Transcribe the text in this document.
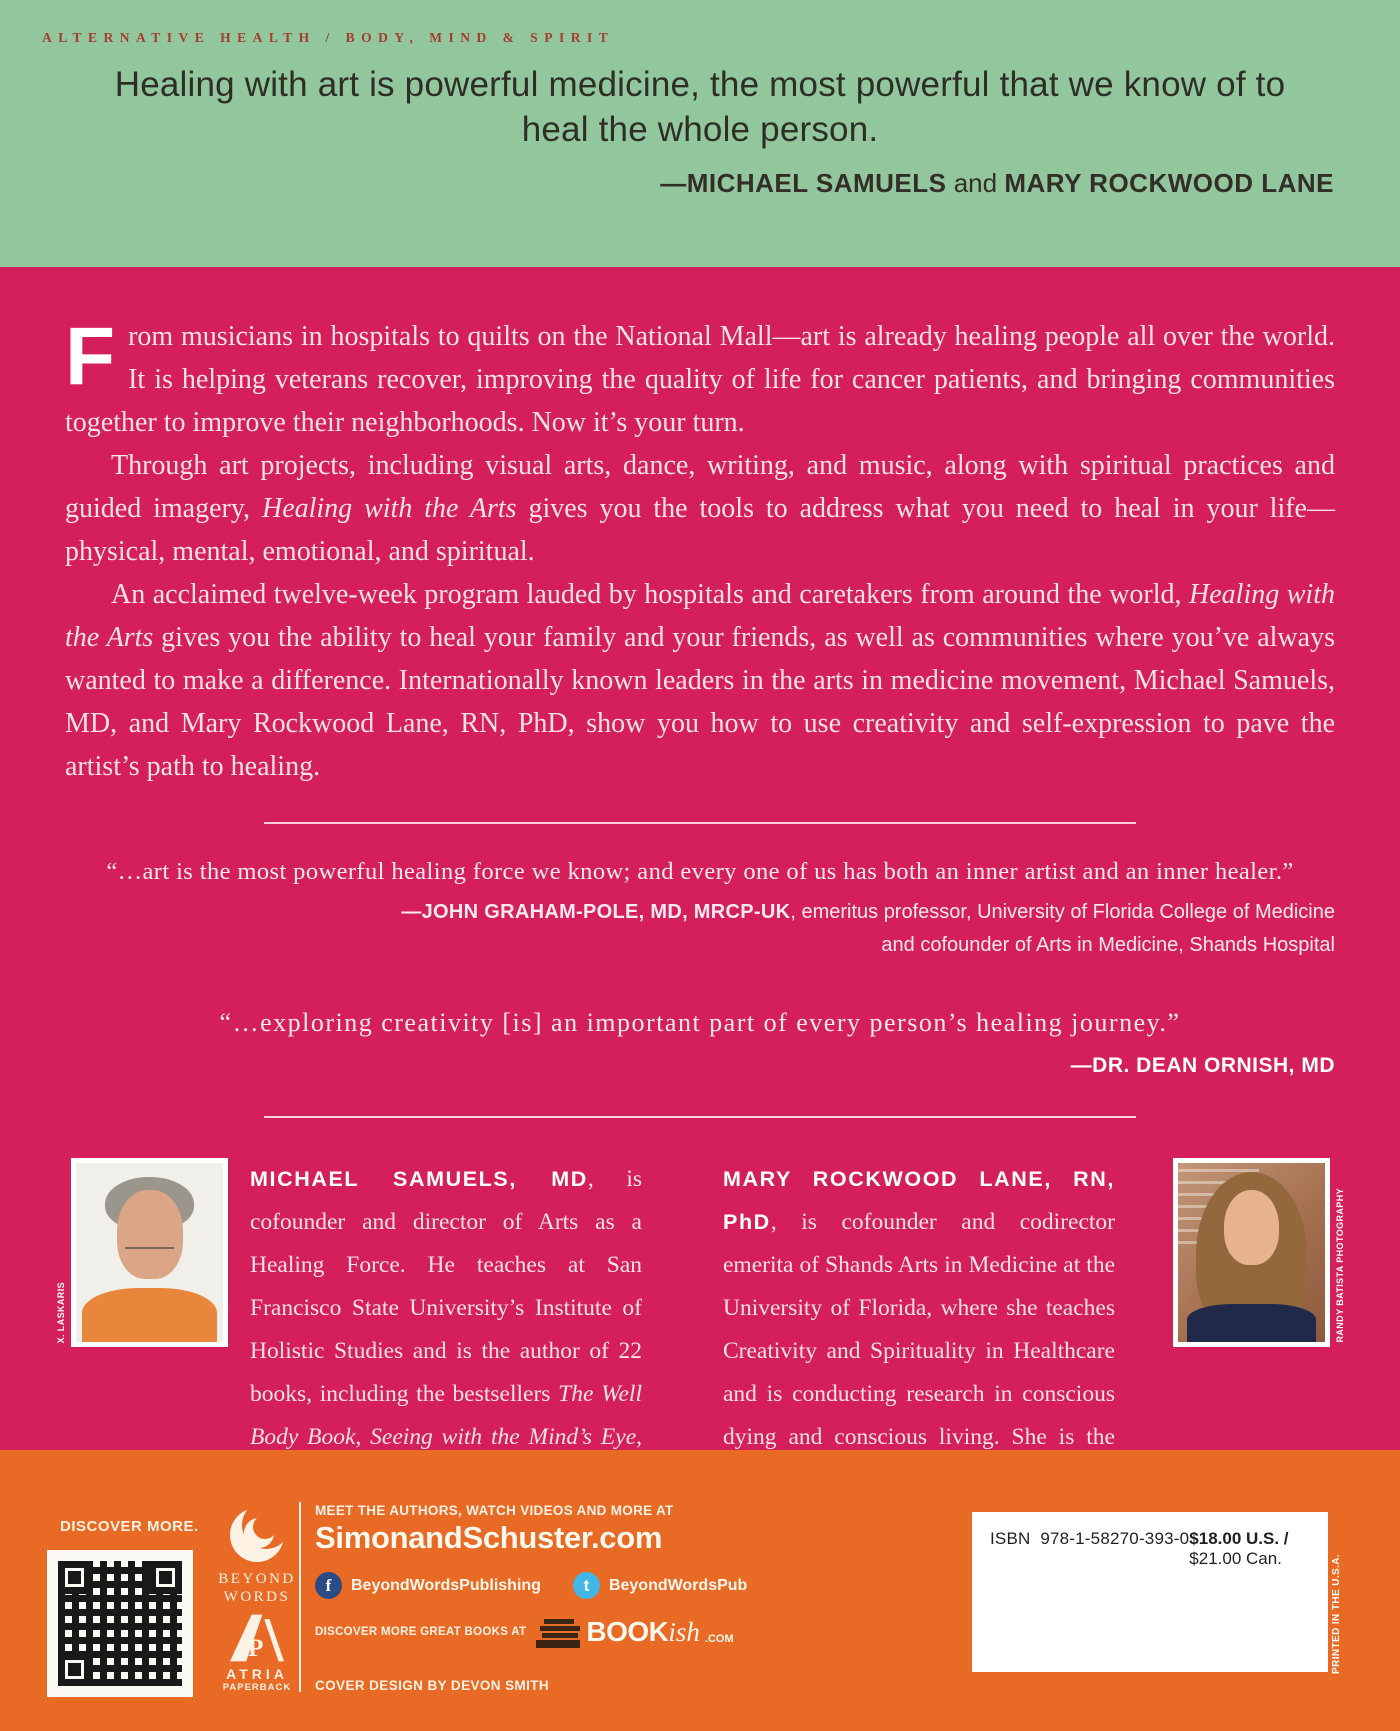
ALTERNATIVE HEALTH / BODY, MIND & SPIRIT
Healing with art is powerful medicine, the most powerful that we know of to heal the whole person.
—MICHAEL SAMUELS and MARY ROCKWOOD LANE

From musicians in hospitals to quilts on the National Mall—art is already healing people all over the world. It is helping veterans recover, improving the quality of life for cancer patients, and bringing communities together to improve their neighborhoods. Now it’s your turn.

Through art projects, including visual arts, dance, writing, and music, along with spiritual practices and guided imagery, Healing with the Arts gives you the tools to address what you need to heal in your life—physical, mental, emotional, and spiritual.

An acclaimed twelve-week program lauded by hospitals and caretakers from around the world, Healing with the Arts gives you the ability to heal your family and your friends, as well as communities where you’ve always wanted to make a difference. Internationally known leaders in the arts in medicine movement, Michael Samuels, MD, and Mary Rockwood Lane, RN, PhD, show you how to use creativity and self-expression to pave the artist’s path to healing.

“…art is the most powerful healing force we know; and every one of us has both an inner artist and an inner healer.”
—JOHN GRAHAM-POLE, MD, MRCP-UK, emeritus professor, University of Florida College of Medicine
and cofounder of Arts in Medicine, Shands Hospital
“…exploring creativity [is] an important part of every person’s healing journey.”
—DR. DEAN ORNISH, MD
X. LASKARIS
MICHAEL SAMUELS, MD, is cofounder and director of Arts as a Healing Force. He teaches at San Francisco State University’s Institute of Holistic Studies and is the author of 22 books, including the bestsellers The Well Body Book, Seeing with the Mind’s Eye,
MARY ROCKWOOD LANE, RN, PhD, is cofounder and codirector emerita of Shands Arts in Medicine at the University of Florida, where she teaches Creativity and Spirituality in Healthcare and is conducting research in conscious dying and conscious living. She is the
RANDY BATISTA PHOTOGRAPHY
DISCOVER MORE.
BEYOND
WORDS
P
ATRIA
PAPERBACK
MEET THE AUTHORS, WATCH VIDEOS AND MORE AT
SimonandSchuster.com
f	BeyondWordsPublishing	t	BeyondWordsPub
DISCOVER MORE GREAT BOOKS AT BOOK ish .COM
COVER DESIGN BY DEVON SMITH
ISBN  978-1-58270-393-0 $18.00 U.S. / $21.00 Can.	PRINTED IN THE U.S.A.
